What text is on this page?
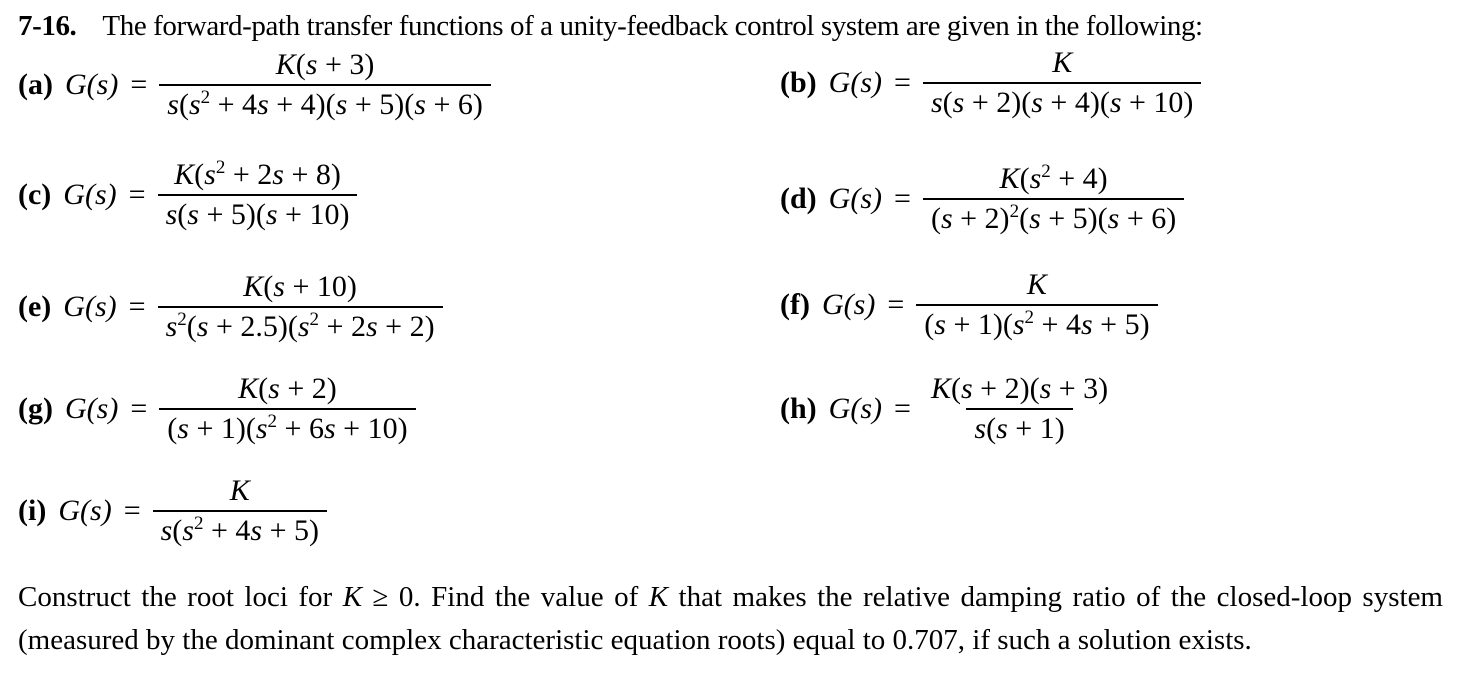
7-16. The forward-path transfer functions of a unity-feedback control system are given in the following:
(a) $G(s) = \frac{K(s + 3)}{s(s^2 + 4s + 4)(s + 5)(s + 6)}$	(b) $G(s) = \frac{K}{s(s + 2)(s + 4)(s + 10)}$
(c) $G(s) = \frac{K(s^2 + 2s + 8)}{s(s + 5)(s + 10)}$	(d) $G(s) = \frac{K(s^2 + 4)}{(s + 2)^2(s + 5)(s + 6)}$
(e) $G(s) = \frac{K(s + 10)}{s^2(s + 2.5)(s^2 + 2s + 2)}$	(f) $G(s) = \frac{K}{(s + 1)(s^2 + 4s + 5)}$
(g) $G(s) = \frac{K(s + 2)}{(s + 1)(s^2 + 6s + 10)}$	(h) $G(s) = \frac{K(s + 2)(s + 3)}{s(s + 1)}$
(i) $G(s) = \frac{K}{s(s^2 + 4s + 5)}$
Construct the root loci for K ≥ 0. Find the value of K that makes the relative damping ratio of the closed-loop system (measured by the dominant complex characteristic equation roots) equal to 0.707, if such a solution exists.
